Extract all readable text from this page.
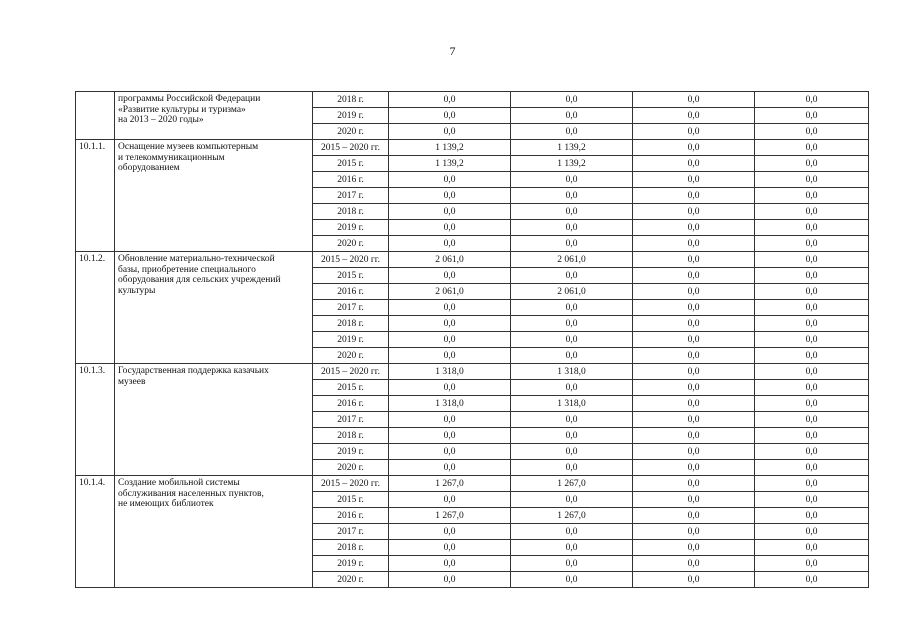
7

	программы Российской Федерации
«Развитие культуры и туризма»
на 2013 – 2020 годы»	2018 г.	0,0	0,0	0,0	0,0
		2019 г.	0,0	0,0	0,0	0,0
		2020 г.	0,0	0,0	0,0	0,0
10.1.1.	Оснащение музеев компьютерным
и телекоммуникационным
оборудованием	2015 – 2020 гг.	1 139,2	1 139,2	0,0	0,0
		2015 г.	1 139,2	1 139,2	0,0	0,0
		2016 г.	0,0	0,0	0,0	0,0
		2017 г.	0,0	0,0	0,0	0,0
		2018 г.	0,0	0,0	0,0	0,0
		2019 г.	0,0	0,0	0,0	0,0
		2020 г.	0,0	0,0	0,0	0,0
10.1.2.	Обновление материально-технической
базы, приобретение специального
оборудования для сельских учреждений
культуры	2015 – 2020 гг.	2 061,0	2 061,0	0,0	0,0
		2015 г.	0,0	0,0	0,0	0,0
		2016 г.	2 061,0	2 061,0	0,0	0,0
		2017 г.	0,0	0,0	0,0	0,0
		2018 г.	0,0	0,0	0,0	0,0
		2019 г.	0,0	0,0	0,0	0,0
		2020 г.	0,0	0,0	0,0	0,0
10.1.3.	Государственная поддержка казачьих
музеев	2015 – 2020 гг.	1 318,0	1 318,0	0,0	0,0
		2015 г.	0,0	0,0	0,0	0,0
		2016 г.	1 318,0	1 318,0	0,0	0,0
		2017 г.	0,0	0,0	0,0	0,0
		2018 г.	0,0	0,0	0,0	0,0
		2019 г.	0,0	0,0	0,0	0,0
		2020 г.	0,0	0,0	0,0	0,0
10.1.4.	Создание мобильной системы
обслуживания населенных пунктов,
не имеющих библиотек	2015 – 2020 гг.	1 267,0	1 267,0	0,0	0,0
		2015 г.	0,0	0,0	0,0	0,0
		2016 г.	1 267,0	1 267,0	0,0	0,0
		2017 г.	0,0	0,0	0,0	0,0
		2018 г.	0,0	0,0	0,0	0,0
		2019 г.	0,0	0,0	0,0	0,0
		2020 г.	0,0	0,0	0,0	0,0
